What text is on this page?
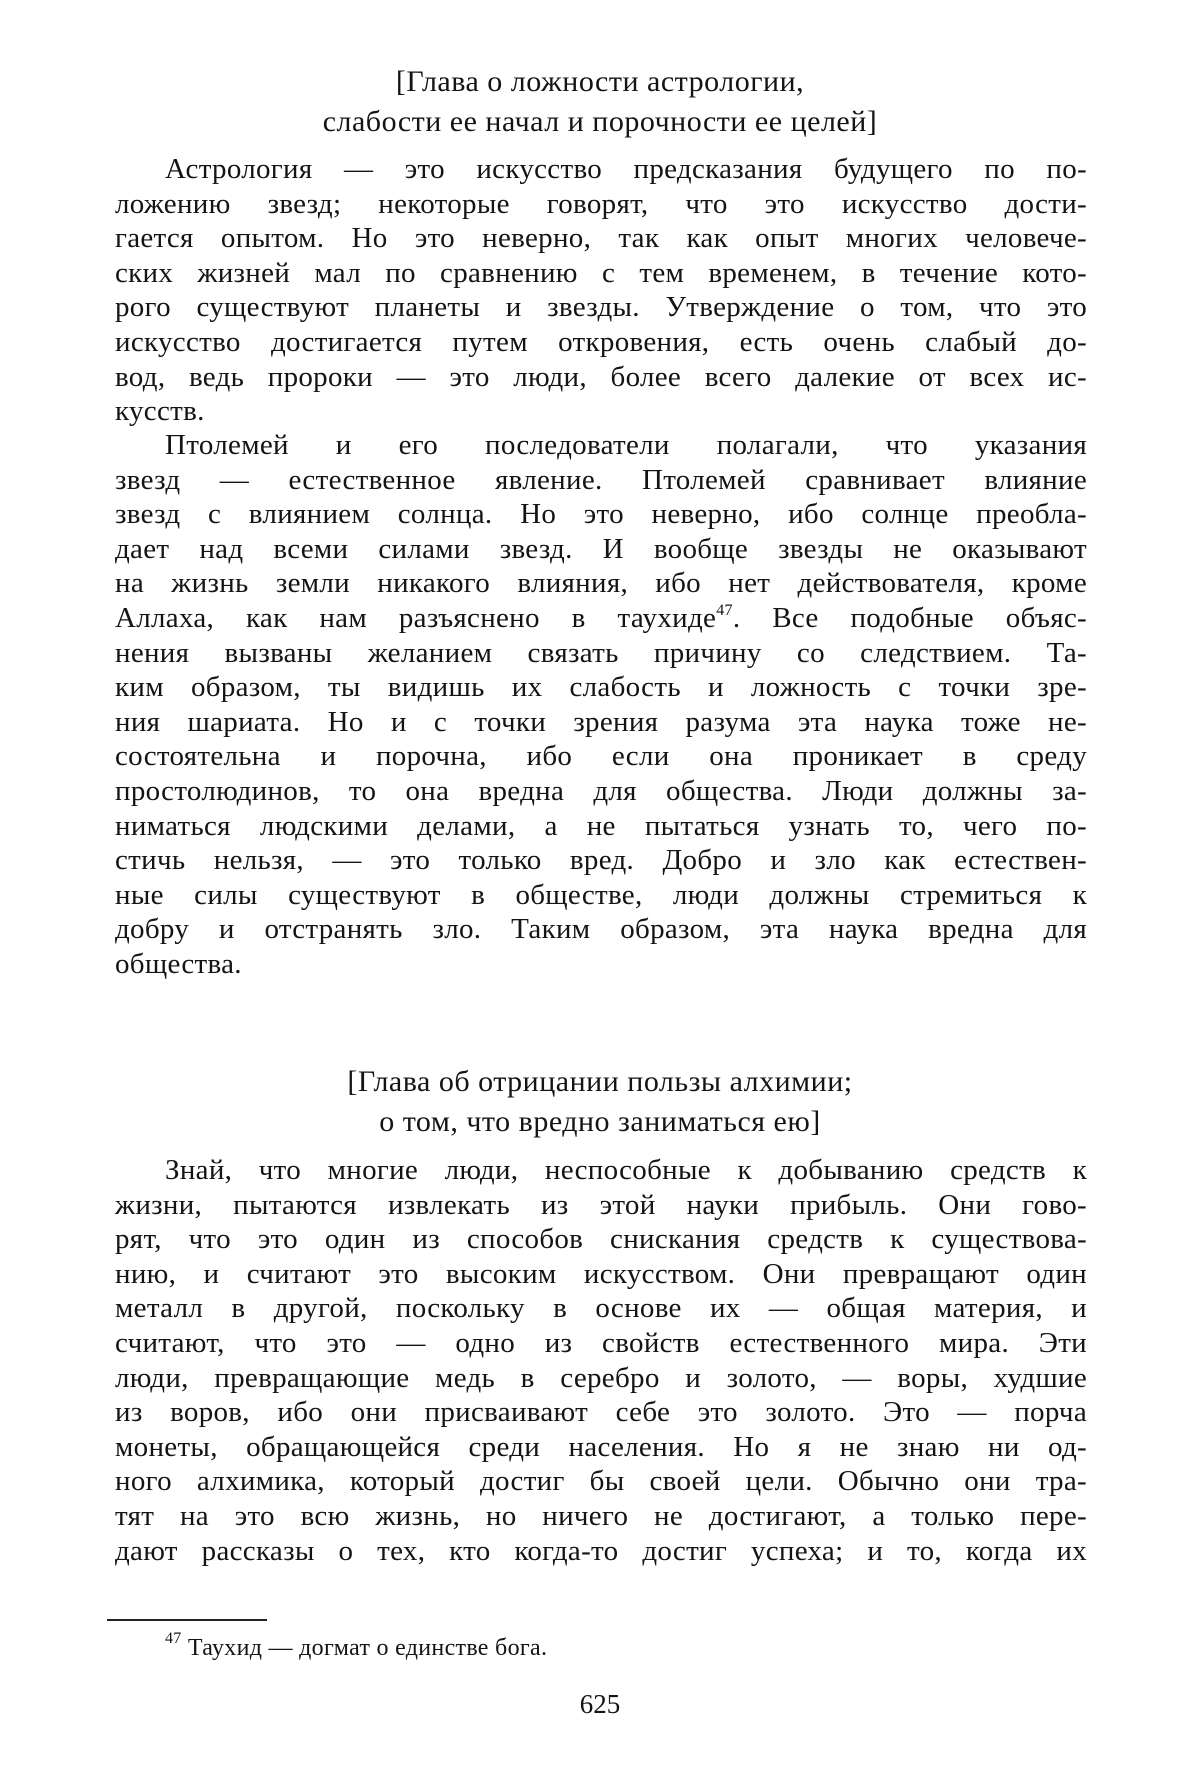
[Глава о ложности астрологии,
слабости ее начал и порочности ее целей]
Астрология — это искусство предсказания будущего по по-
ложению звезд; некоторые говорят, что это искусство дости-
гается опытом. Но это неверно, так как опыт многих человече-
ских жизней мал по сравнению с тем временем, в течение кото-
рого существуют планеты и звезды. Утверждение о том, что это
искусство достигается путем откровения, есть очень слабый до-
вод, ведь пророки — это люди, более всего далекие от всех ис-
кусств.
Птолемей и его последователи полагали, что указания
звезд — естественное явление. Птолемей сравнивает влияние
звезд с влиянием солнца. Но это неверно, ибо солнце преобла-
дает над всеми силами звезд. И вообще звезды не оказывают
на жизнь земли никакого влияния, ибо нет действователя, кроме
Аллаха, как нам разъяснено в таухиде$^{47}$. Все подобные объяс-
нения вызваны желанием связать причину со следствием. Та-
ким образом, ты видишь их слабость и ложность с точки зре-
ния шариата. Но и с точки зрения разума эта наука тоже не-
состоятельна и порочна, ибо если она проникает в среду
простолюдинов, то она вредна для общества. Люди должны за-
ниматься людскими делами, а не пытаться узнать то, чего по-
стичь нельзя, — это только вред. Добро и зло как естествен-
ные силы существуют в обществе, люди должны стремиться к
добру и отстранять зло. Таким образом, эта наука вредна для
общества.
[Глава об отрицании пользы алхимии;
о том, что вредно заниматься ею]
Знай, что многие люди, неспособные к добыванию средств к
жизни, пытаются извлекать из этой науки прибыль. Они гово-
рят, что это один из способов снискания средств к существова-
нию, и считают это высоким искусством. Они превращают один
металл в другой, поскольку в основе их — общая материя, и
считают, что это — одно из свойств естественного мира. Эти
люди, превращающие медь в серебро и золото, — воры, худшие
из воров, ибо они присваивают себе это золото. Это — порча
монеты, обращающейся среди населения. Но я не знаю ни од-
ного алхимика, который достиг бы своей цели. Обычно они тра-
тят на это всю жизнь, но ничего не достигают, а только пере-
дают рассказы о тех, кто когда-то достиг успеха; и то, когда их
$^{47}$ Таухид — догмат о единстве бога.
625
